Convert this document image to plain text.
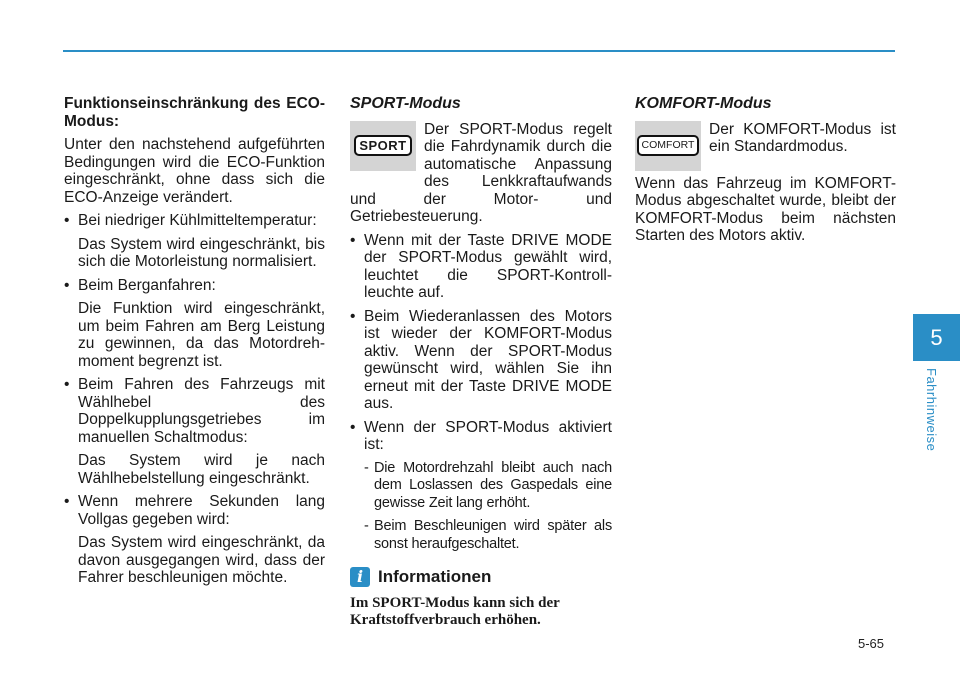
Funktionseinschränkung des ECO-Modus:

Unter den nachstehend aufgeführten Bedingungen wird die ECO-Funktion eingeschränkt, ohne dass sich die ECO-Anzeige verändert.

• Bei niedriger Kühlmitteltemperatur:

Das System wird eingeschränkt, bis sich die Motorleistung normalisiert.

• Beim Berganfahren:

Die Funktion wird eingeschränkt, um beim Fahren am Berg Leistung zu gewinnen, da das Motordreh-moment begrenzt ist.

• Beim Fahren des Fahrzeugs mit Wählhebel des Doppelkupplungsgetriebes im manuellen Schaltmodus:

Das System wird je nach Wählhebelstellung eingeschränkt.

• Wenn mehrere Sekunden lang Vollgas gegeben wird:

Das System wird eingeschränkt, da davon ausgegangen wird, dass der Fahrer beschleunigen möchte.

SPORT-Modus

SPORT

Der SPORT-Modus regelt die Fahrdynamik durch die automatische Anpassung des Lenkkraftaufwands und der Motor- und Getriebesteuerung.

• Wenn mit der Taste DRIVE MODE der SPORT-Modus gewählt wird, leuchtet die SPORT-Kontroll-leuchte auf.
• Beim Wiederanlassen des Motors ist wieder der KOMFORT-Modus aktiv. Wenn der SPORT-Modus gewünscht wird, wählen Sie ihn erneut mit der Taste DRIVE MODE aus.
• Wenn der SPORT-Modus aktiviert ist:
- Die Motordrehzahl bleibt auch nach dem Loslassen des Gaspedals eine gewisse Zeit lang erhöht.
- Beim Beschleunigen wird später als sonst heraufgeschaltet.
i Informationen

Im SPORT-Modus kann sich der Kraftstoffverbrauch erhöhen.

KOMFORT-Modus

COMFORT

Der KOMFORT-Modus ist ein Standardmodus.

Wenn das Fahrzeug im KOMFORT-Modus abgeschaltet wurde, bleibt der KOMFORT-Modus beim nächsten Starten des Motors aktiv.

5
Fahrhinweise
5-65
